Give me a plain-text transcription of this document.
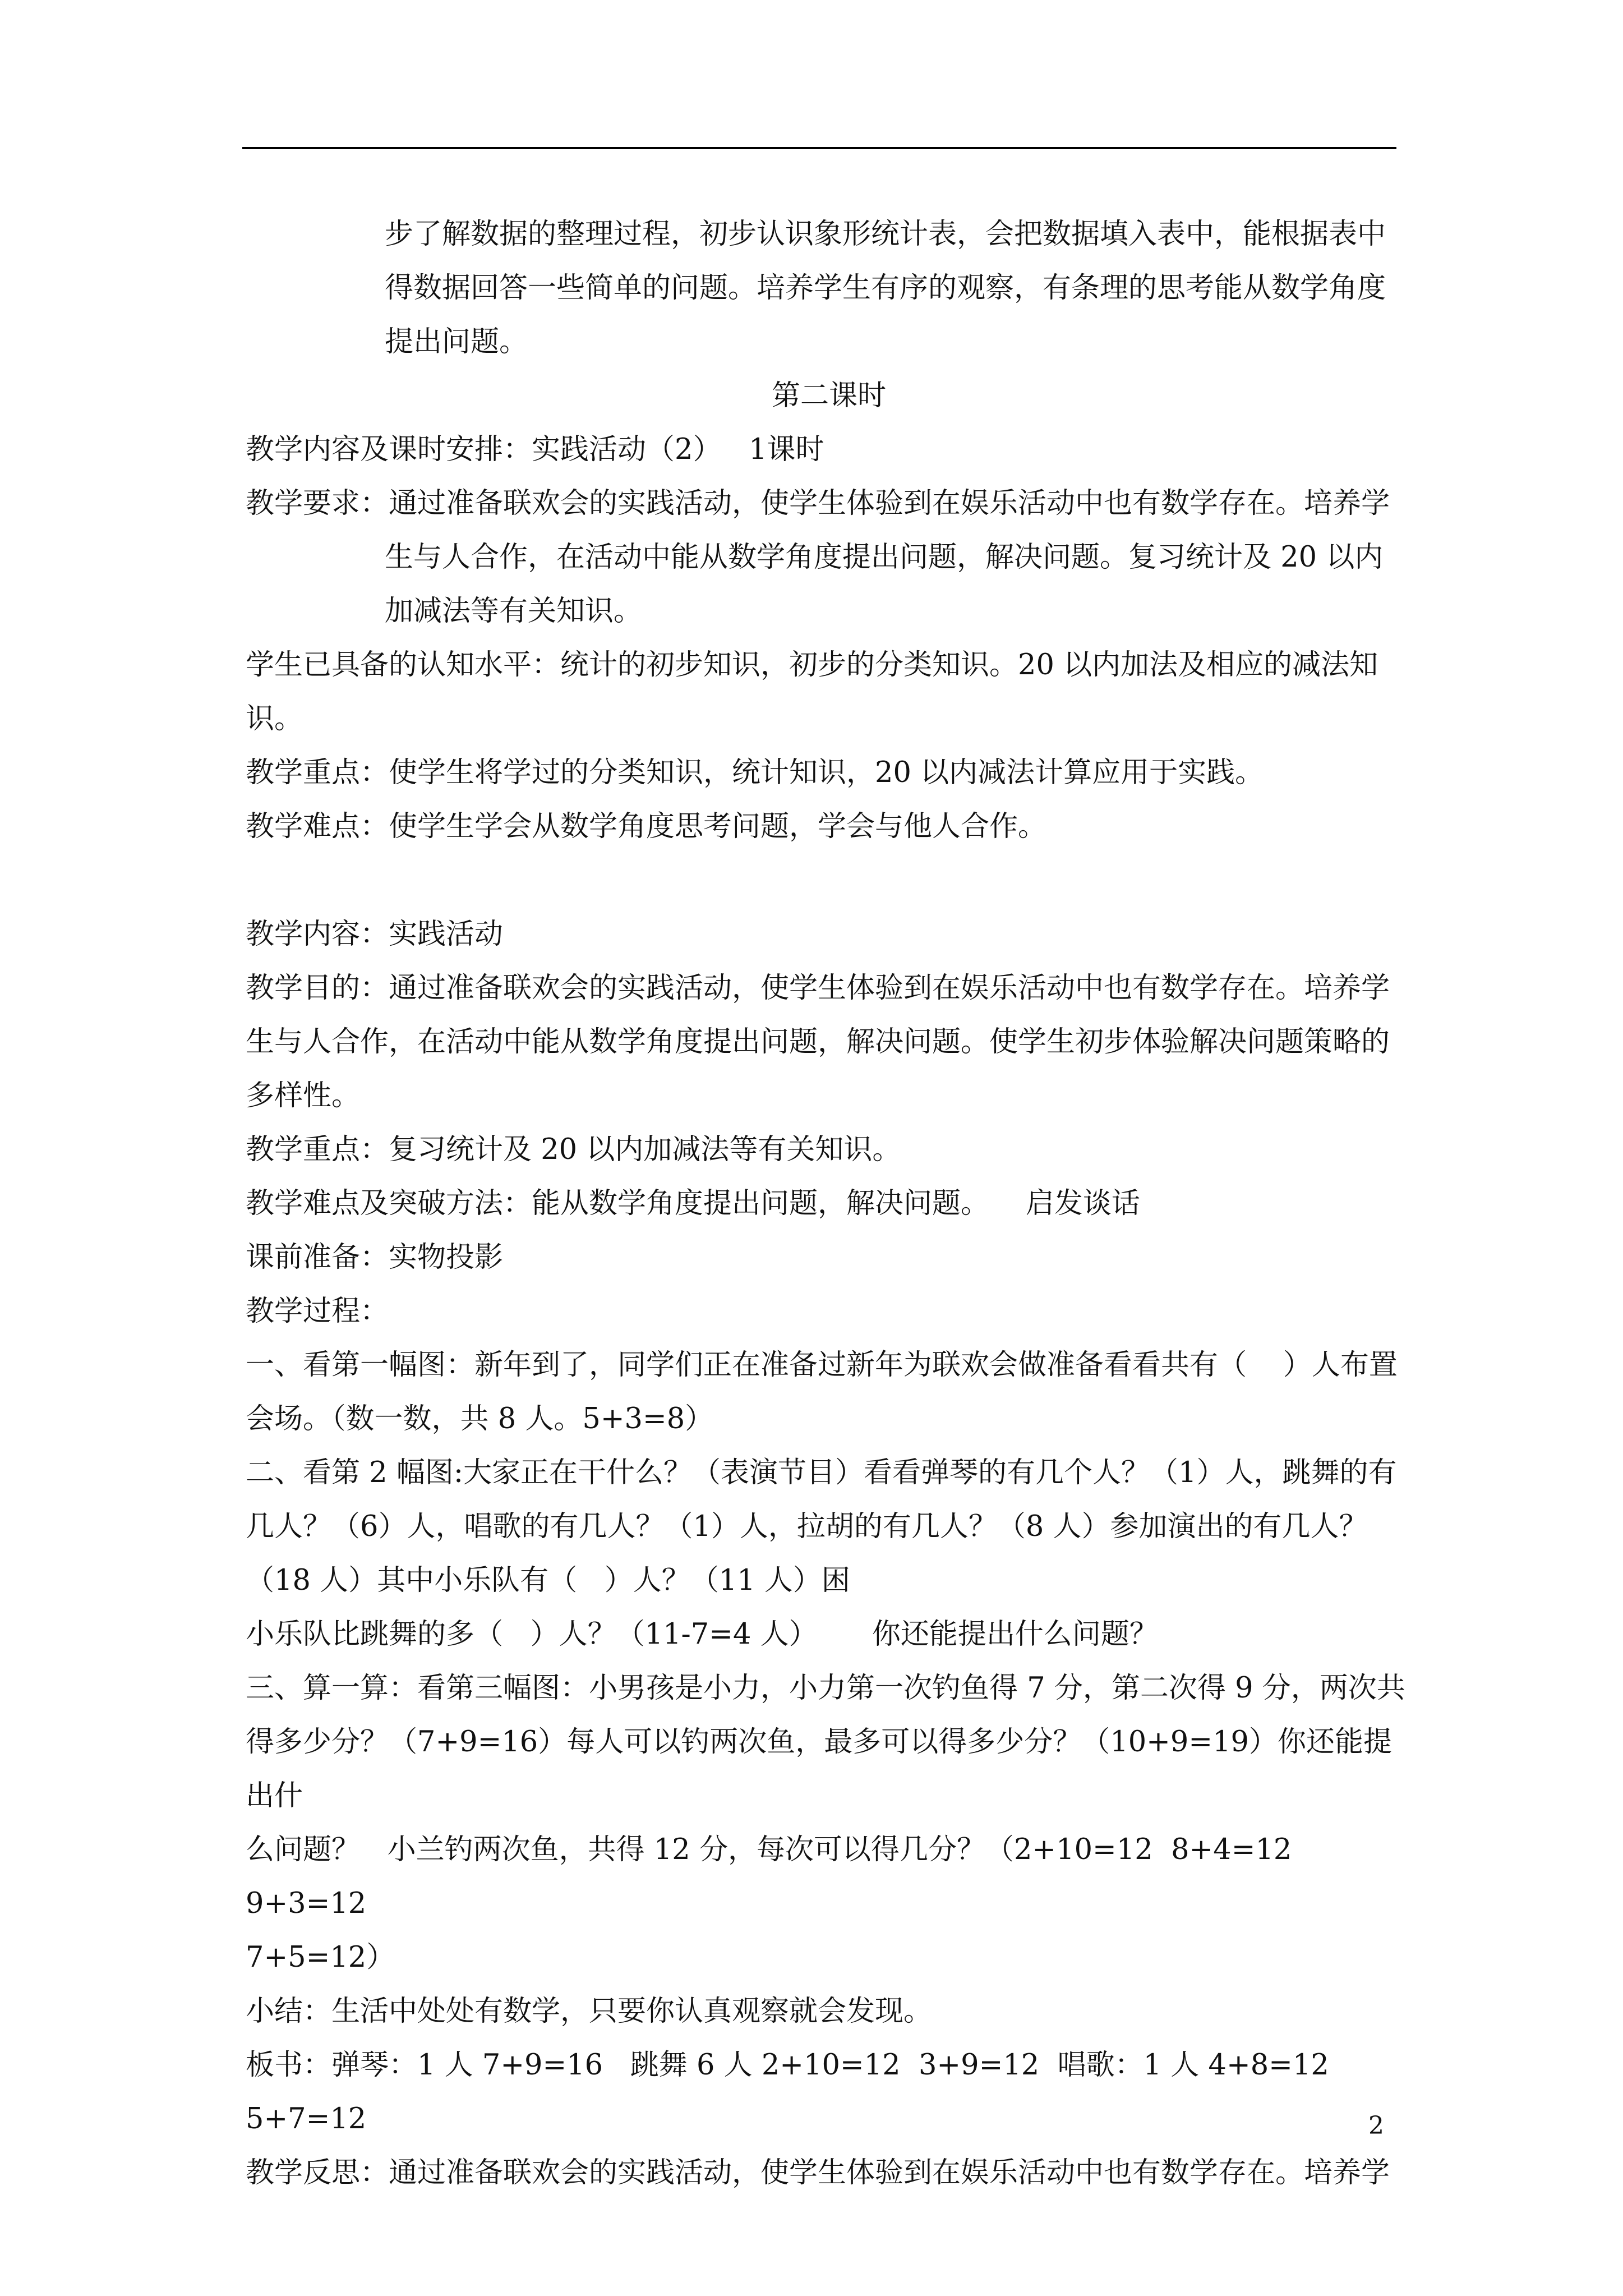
步了解数据的整理过程，初步认识象形统计表，会把数据填入表中，能根据表中

得数据回答一些简单的问题。培养学生有序的观察，有条理的思考能从数学角度

提出问题。

第二课时

教学内容及课时安排：实践活动（2）   1课时

教学要求：通过准备联欢会的实践活动，使学生体验到在娱乐活动中也有数学存在。培养学

生与人合作，在活动中能从数学角度提出问题，解决问题。复习统计及 20 以内

加减法等有关知识。

学生已具备的认知水平：统计的初步知识，初步的分类知识。20 以内加法及相应的减法知

识。

教学重点：使学生将学过的分类知识，统计知识，20 以内减法计算应用于实践。

教学难点：使学生学会从数学角度思考问题，学会与他人合作。

教学内容：实践活动

教学目的：通过准备联欢会的实践活动，使学生体验到在娱乐活动中也有数学存在。培养学

生与人合作，在活动中能从数学角度提出问题，解决问题。使学生初步体验解决问题策略的

多样性。

教学重点：复习统计及 20 以内加减法等有关知识。

教学难点及突破方法：能从数学角度提出问题，解决问题。    启发谈话

课前准备：实物投影

教学过程：

一、看第一幅图：新年到了，同学们正在准备过新年为联欢会做准备看看共有（    ）人布置

会场。（数一数，共 8 人。5+3=8）

二、看第 2 幅图:大家正在干什么？（表演节目）看看弹琴的有几个人？（1）人，跳舞的有

几人？（6）人，唱歌的有几人？（1）人，拉胡的有几人？（8 人）参加演出的有几人？

（18 人）其中小乐队有（   ）人？（11 人）困

小乐队比跳舞的多（   ）人？（11-7=4 人）      你还能提出什么问题？

三、算一算：看第三幅图：小男孩是小力，小力第一次钓鱼得 7 分，第二次得 9 分，两次共

得多少分？（7+9=16）每人可以钓两次鱼，最多可以得多少分？（10+9=19）你还能提出什

么问题？   小兰钓两次鱼，共得 12 分，每次可以得几分？（2+10=12  8+4=12  9+3=12

7+5=12）

小结：生活中处处有数学，只要你认真观察就会发现。

板书：弹琴：1 人 7+9=16   跳舞 6 人 2+10=12  3+9=12  唱歌：1 人 4+8=12  5+7=12

教学反思：通过准备联欢会的实践活动，使学生体验到在娱乐活动中也有数学存在。培养学

2
